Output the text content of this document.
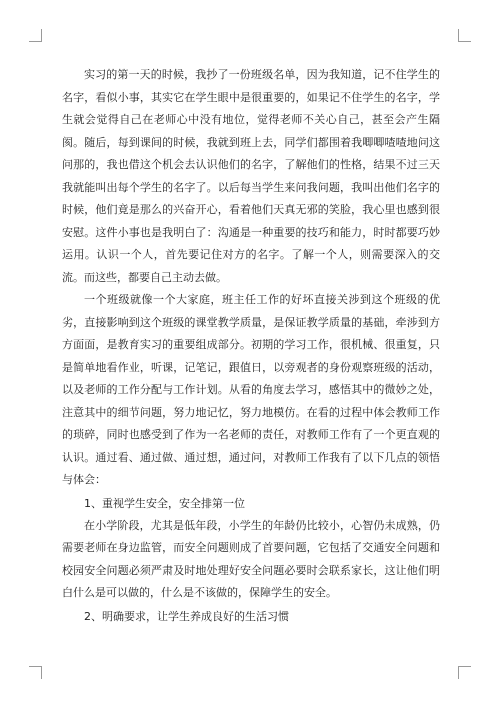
实习的第一天的时候，我抄了一份班级名单，因为我知道，记不住学生的名字，看似小事，其实它在学生眼中是很重要的，如果记不住学生的名字，学生就会觉得自己在老师心中没有地位，觉得老师不关心自己，甚至会产生隔阂。随后，每到课间的时候，我就到班上去，同学们都围着我唧唧喳喳地问这问那的，我也借这个机会去认识他们的名字，了解他们的性格，结果不过三天我就能叫出每个学生的名字了。以后每当学生来问我问题，我叫出他们名字的时候，他们竟是那么的兴奋开心，看着他们天真无邪的笑脸，我心里也感到很安慰。这件小事也是我明白了：沟通是一种重要的技巧和能力，时时都要巧妙运用。认识一个人，首先要记住对方的名字。了解一个人，则需要深入的交流。而这些，都要自己主动去做。

一个班级就像一个大家庭，班主任工作的好坏直接关涉到这个班级的优劣，直接影响到这个班级的课堂教学质量，是保证教学质量的基础，牵涉到方方面面，是教育实习的重要组成部分。初期的学习工作，很机械、很重复，只是简单地看作业，听课，记笔记，跟值日，以旁观者的身份观察班级的活动，以及老师的工作分配与工作计划。从看的角度去学习，感悟其中的微妙之处，注意其中的细节问题，努力地记忆，努力地模仿。在看的过程中体会教师工作的琐碎，同时也感受到了作为一名老师的责任，对教师工作有了一个更直观的认识。通过看、通过做、通过想，通过问，对教师工作我有了以下几点的领悟与体会：

1、重视学生安全，安全排第一位

在小学阶段，尤其是低年段，小学生的年龄仍比较小，心智仍未成熟，仍需要老师在身边监管，而安全问题则成了首要问题，它包括了交通安全问题和校园安全问题必须严肃及时地处理好安全问题必要时会联系家长，这让他们明白什么是可以做的，什么是不该做的，保障学生的安全。

2、明确要求，让学生养成良好的生活习惯
